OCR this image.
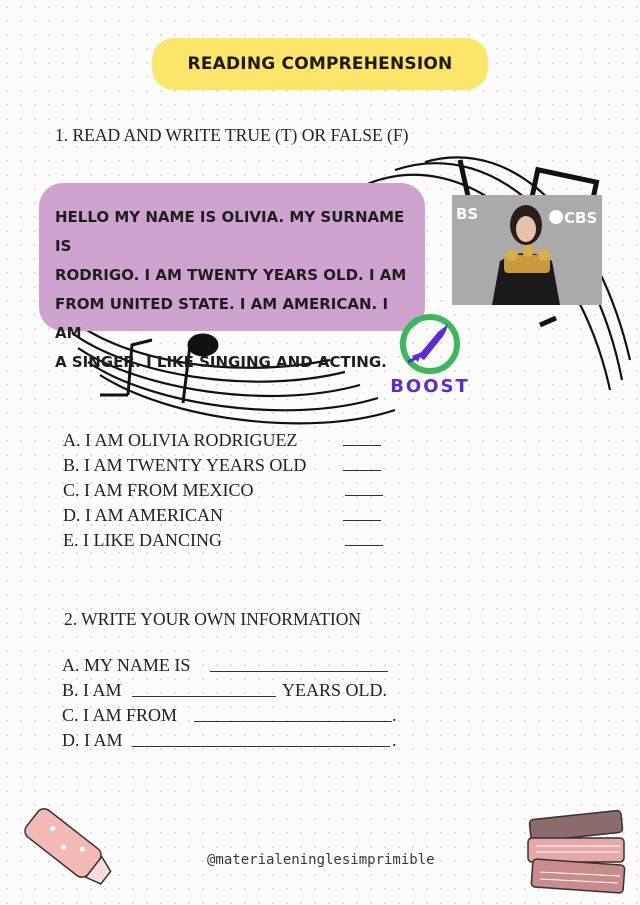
READING COMPREHENSION
1. READ AND WRITE TRUE (T) OR FALSE (F)
HELLO MY NAME IS OLIVIA. MY SURNAME IS
RODRIGO. I AM TWENTY YEARS OLD. I AM
FROM UNITED STATE. I AM AMERICAN. I AM
A SINGER. I LIKE SINGING AND ACTING.
BS	CBS
BOOST
A. I AM OLIVIA RODRIGUEZ
B. I AM TWENTY YEARS OLD
C. I AM FROM MEXICO
D. I AM AMERICAN
E. I LIKE DANCING
2. WRITE YOUR OWN INFORMATION
A. MY NAME IS
B. I AM	YEARS OLD.
C. I AM FROM	.
D. I AM	.
@materialeninglesimprimible
